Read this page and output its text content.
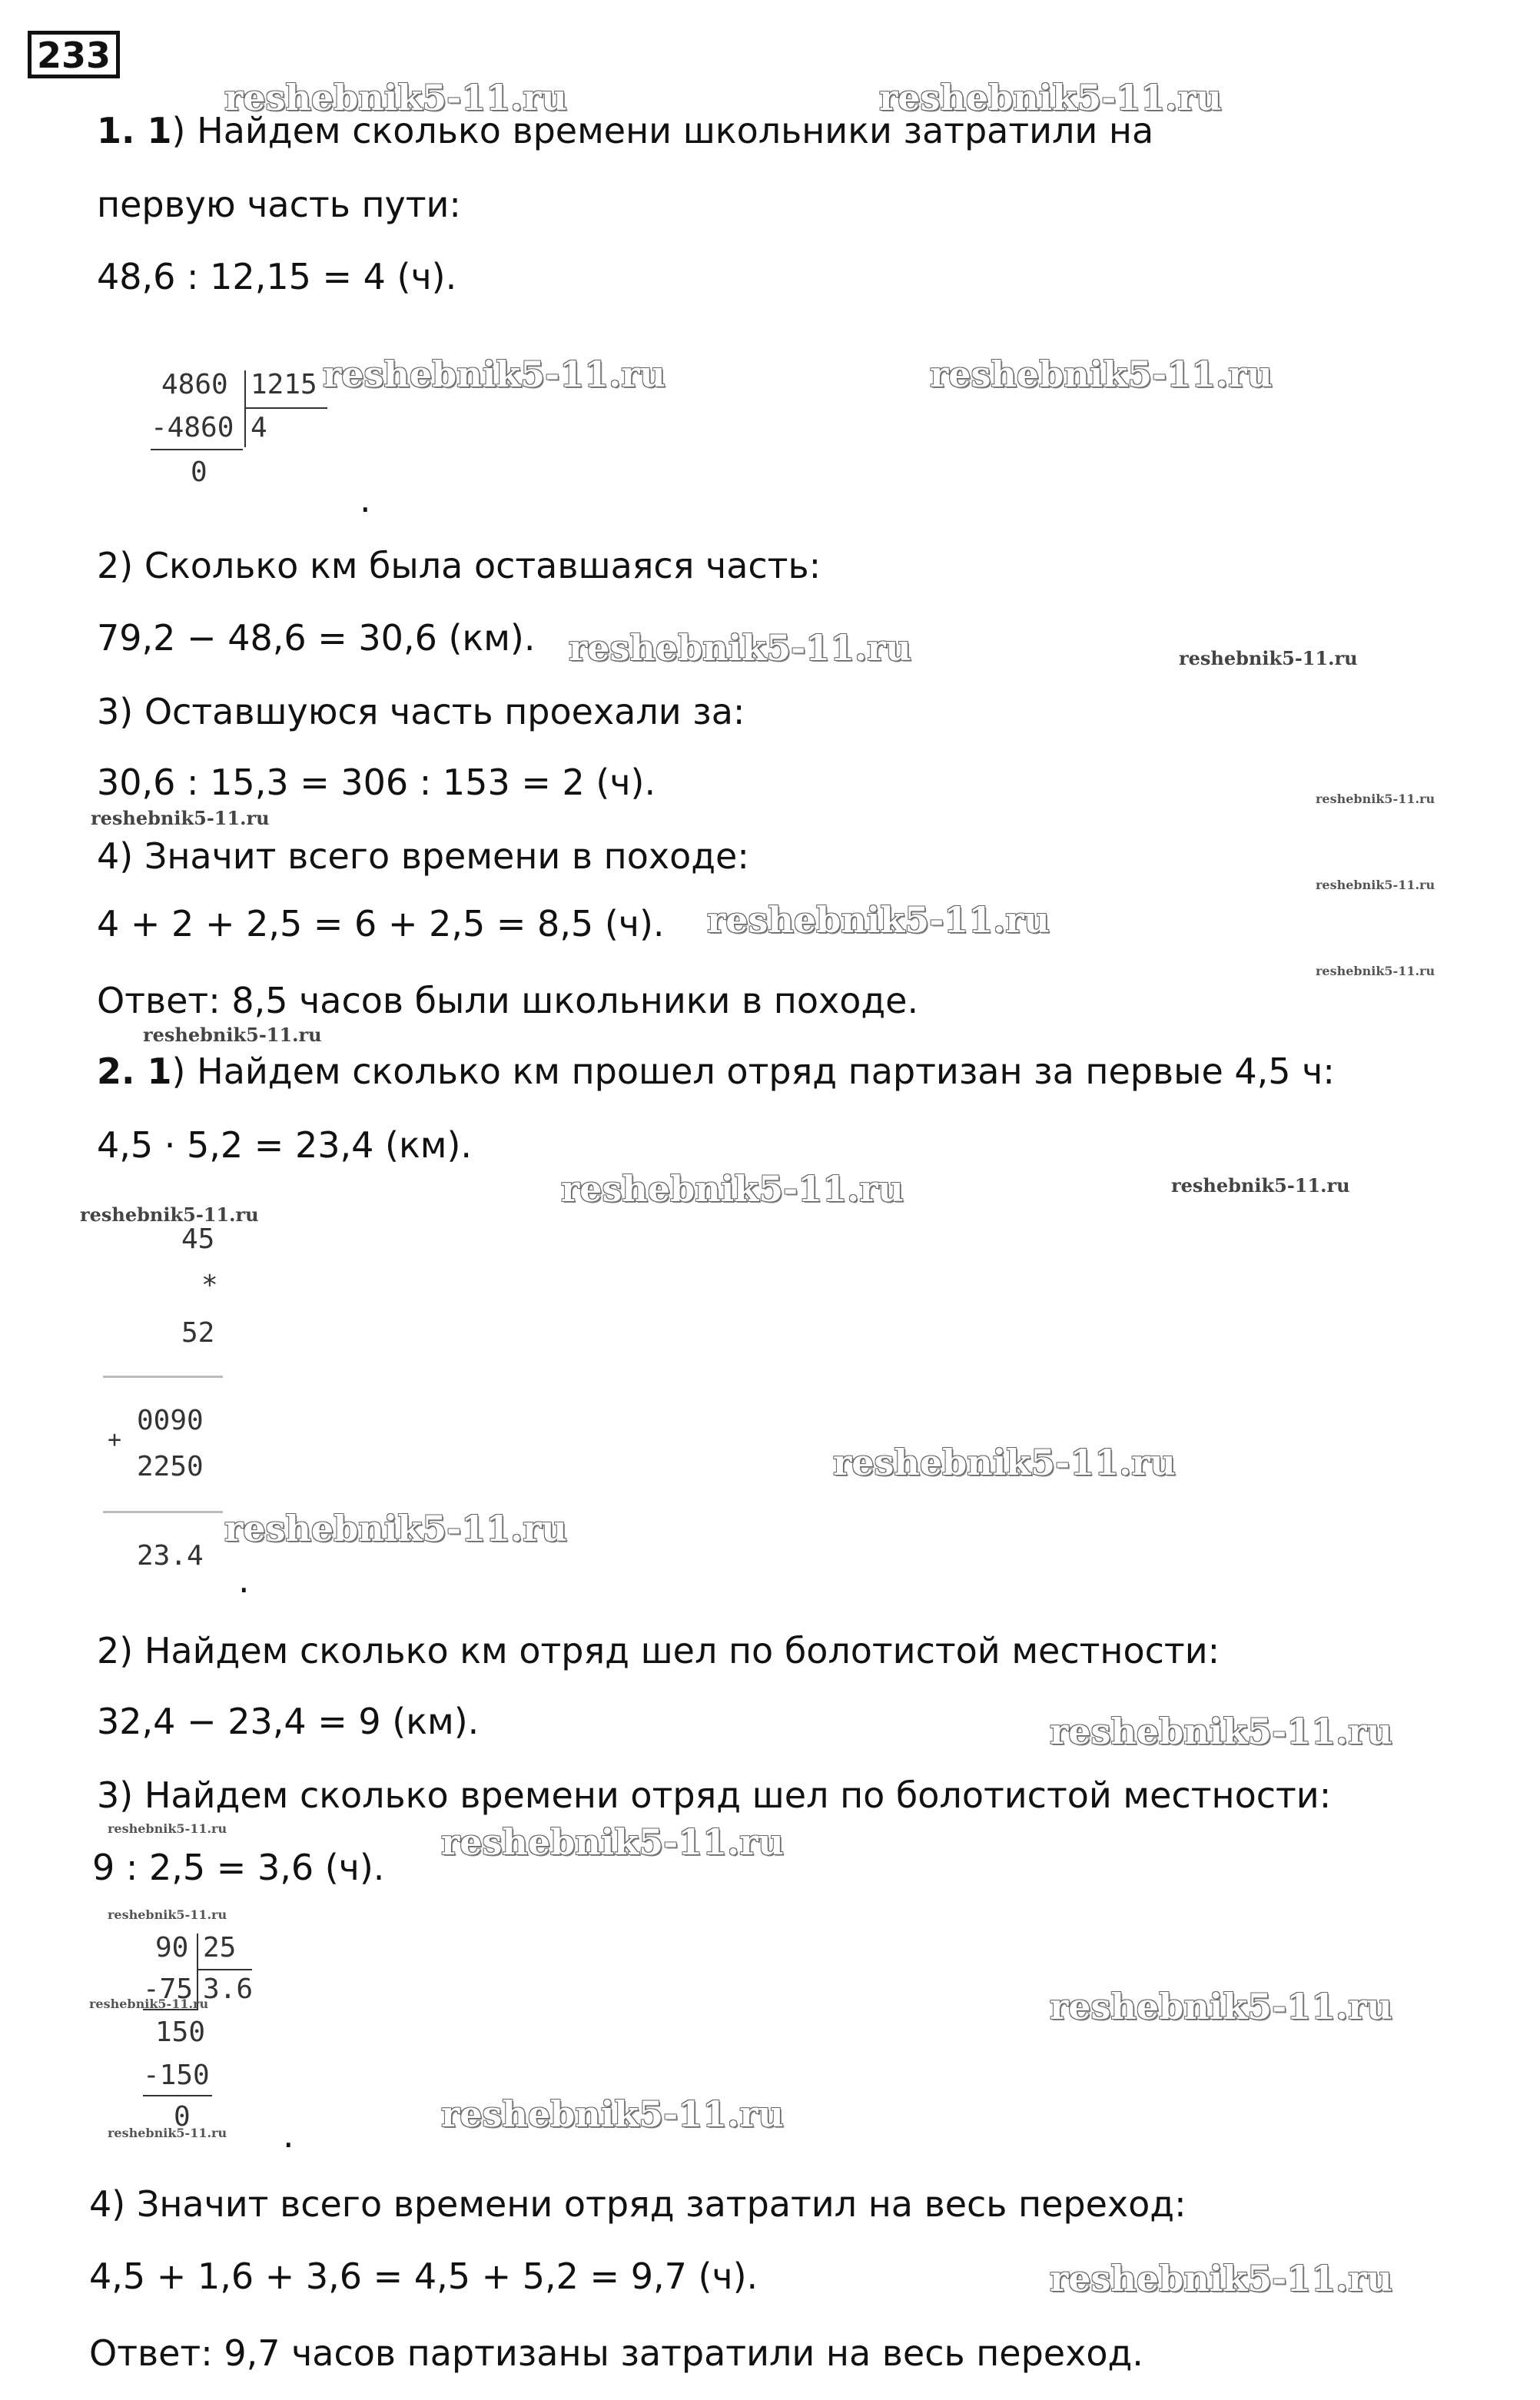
233
1. 1) Найдем сколько времени школьники затратили на
первую часть пути:
48,6 : 12,15 = 4 (ч).
4860 1215
-4860 4
0
.
2) Сколько км была оставшаяся часть:
79,2 − 48,6 = 30,6 (км).
3) Оставшуюся часть проехали за:
30,6 : 15,3 = 306 : 153 = 2 (ч).
4) Значит всего времени в походе:
4 + 2 + 2,5 = 6 + 2,5 = 8,5 (ч).
Ответ: 8,5 часов были школьники в походе.
2. 1) Найдем сколько км прошел отряд партизан за первые 4,5 ч:
4,5 · 5,2 = 23,4 (км).
45
*
52
0090
+
2250
23.4
.
2) Найдем сколько км отряд шел по болотистой местности:
32,4 − 23,4 = 9 (км).
3) Найдем сколько времени отряд шел по болотистой местности:
9 : 2,5 = 3,6 (ч).
90 25
-75 3.6
150
-150
0	.
4) Значит всего времени отряд затратил на весь переход:
4,5 + 1,6 + 3,6 = 4,5 + 5,2 = 9,7 (ч).
Ответ: 9,7 часов партизаны затратили на весь переход.
reshebnik5-11.ru	reshebnik5-11.ru
reshebnik5-11.ru	reshebnik5-11.ru
reshebnik5-11.ru	reshebnik5-11.ru
reshebnik5-11.ru
reshebnik5-11.ru
reshebnik5-11.ru
reshebnik5-11.ru
reshebnik5-11.ru
reshebnik5-11.ru
reshebnik5-11.ru	reshebnik5-11.ru
reshebnik5-11.ru
reshebnik5-11.ru
reshebnik5-11.ru
reshebnik5-11.ru
reshebnik5-11.ru	reshebnik5-11.ru
reshebnik5-11.ru
reshebnik5-11.ru	reshebnik5-11.ru
reshebnik5-11.ru
reshebnik5-11.ru
reshebnik5-11.ru
